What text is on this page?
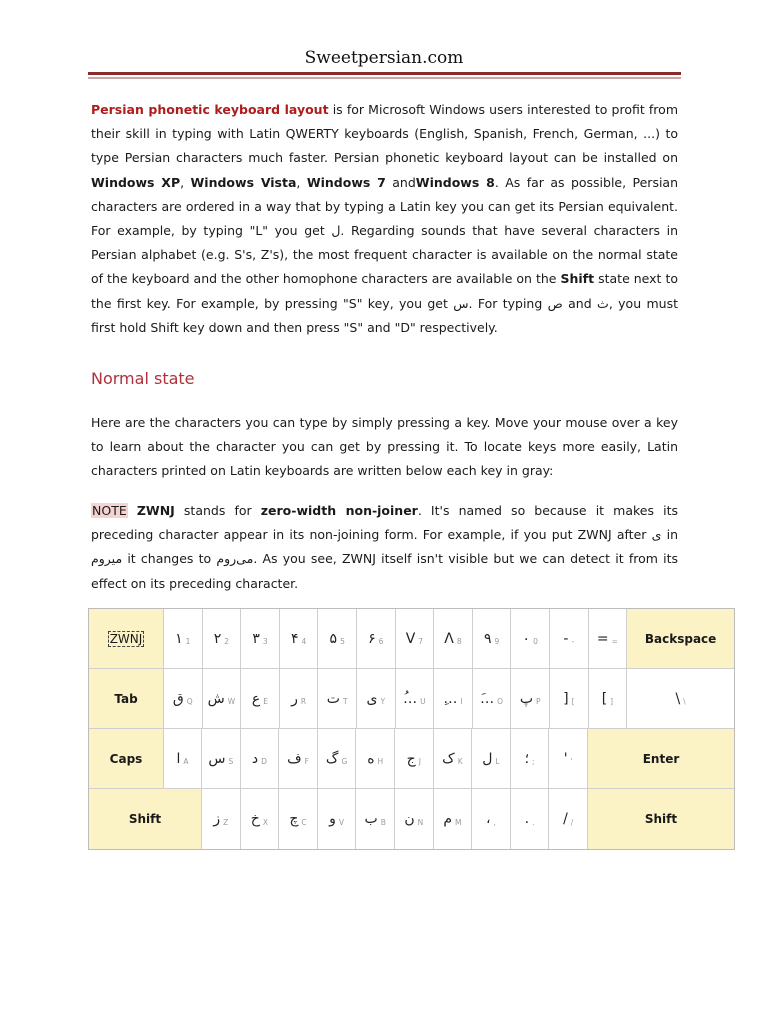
Sweetpersian.com

Persian phonetic keyboard layout is for Microsoft Windows users interested to profit from their skill in typing with Latin QWERTY keyboards (English, Spanish, French, German, ...) to type Persian characters much faster. Persian phonetic keyboard layout can be installed on Windows XP, Windows Vista, Windows 7 andWindows 8. As far as possible, Persian characters are ordered in a way that by typing a Latin key you can get its Persian equivalent. For example, by typing "L" you get ل. Regarding sounds that have several characters in Persian alphabet (e.g. S's, Z's), the most frequent character is available on the normal state of the keyboard and the other homophone characters are available on the Shift state next to the first key. For example, by pressing "S" key, you get س. For typing ص and ث, you must first hold Shift key down and then press "S" and "D" respectively.

Normal state

Here are the characters you can type by simply pressing a key. Move your mouse over a key to learn about the character you can get by pressing it. To locate keys more easily, Latin characters printed on Latin keyboards are written below each key in gray:

NOTE ZWNJ stands for zero-width non-joiner. It's named so because it makes its preceding character appear in its non-joining form. For example, if you put ZWNJ after ی in میروم it changes to می‌روم. As you see, ZWNJ itself isn't visible but we can detect it from its effect on its preceding character.

ZWNJ ۱ 1 ۲ 2 ۳ 3 ۴ 4 ۵ 5 ۶ 6 V 7 Λ 8 ۹ 9 ۰ 0 - - = = Backspace
Tab	ق Q ش W ع E ر R ت T ی Y …ُ U …ِ I …َ O پ P ] [ [ ]	\ \
Caps ا A س S د D ف F گ G ه H ج J ک K ل L ؛ ; ' '	Enter
Shift	ز Z خ X چ C و V ب B ن N م M ، , . . / /	Shift
